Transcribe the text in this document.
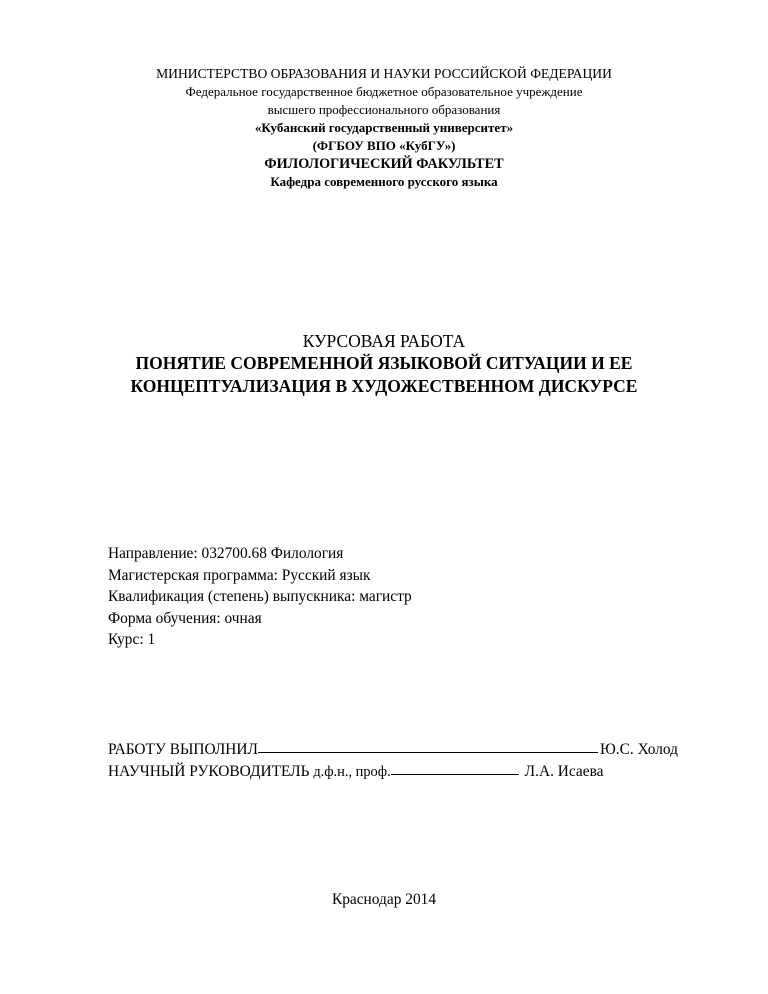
МИНИСТЕРСТВО ОБРАЗОВАНИЯ И НАУКИ РОССИЙСКОЙ ФЕДЕРАЦИИ
Федеральное государственное бюджетное образовательное учреждение
высшего профессионального образования
«Кубанский государственный университет»
(ФГБОУ ВПО «КубГУ»)
ФИЛОЛОГИЧЕСКИЙ ФАКУЛЬТЕТ
Кафедра современного русского языка
КУРСОВАЯ РАБОТА
ПОНЯТИЕ СОВРЕМЕННОЙ ЯЗЫКОВОЙ СИТУАЦИИ И ЕЕ
КОНЦЕПТУАЛИЗАЦИЯ В ХУДОЖЕСТВЕННОМ ДИСКУРСЕ
Направление: 032700.68 Филология
Магистерская программа: Русский язык
Квалификация (степень) выпускника: магистр
Форма обучения: очная
Курс: 1
РАБОТУ ВЫПОЛНИЛ	Ю.С. Холод
НАУЧНЫЙ РУКОВОДИТЕЛЬ
д.ф.н., проф.	Л.А. Исаева
Краснодар 2014
